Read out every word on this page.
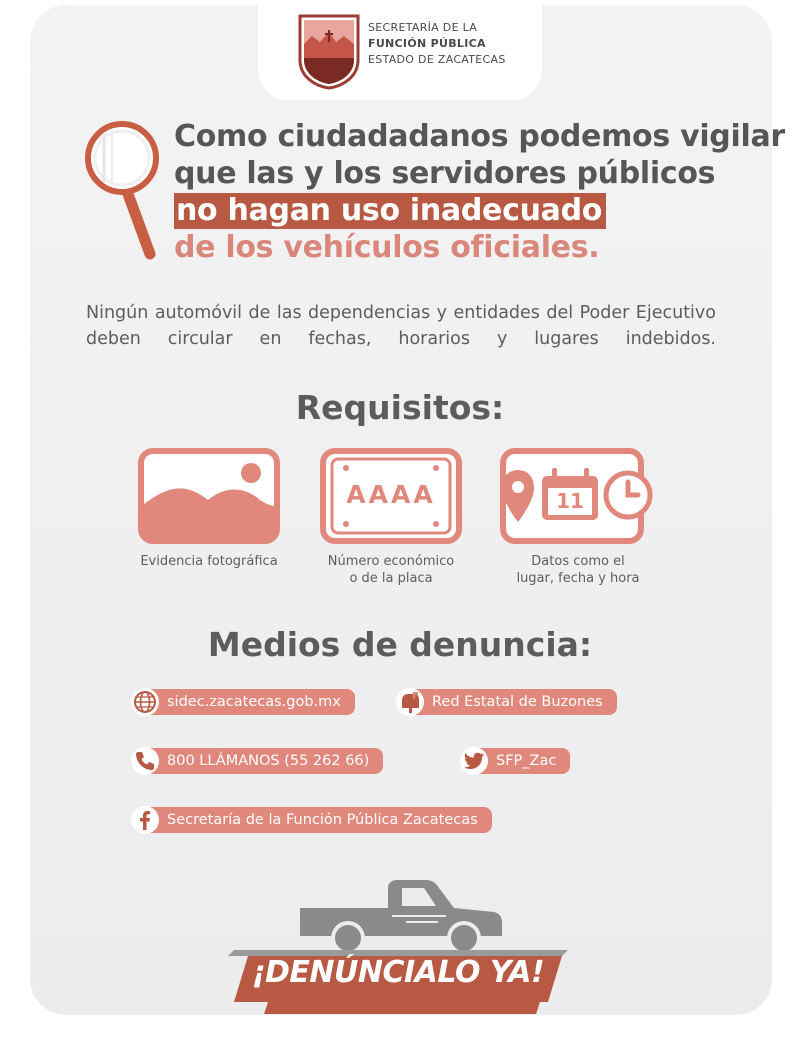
SECRETARÍA DE LA
FUNCIÓN PÚBLICA
ESTADO DE ZACATECAS
Como ciudadadanos podemos vigilar
que las y los servidores públicos
no hagan uso inadecuado
de los vehículos oficiales.
Ningún automóvil de las dependencias y entidades del Poder Ejecutivo deben circular en fechas, horarios y lugares indebidos.
Requisitos:
Evidencia fotográfica
AAAA
Número económico
o de la placa
11
Datos como el
lugar, fecha y hora
Medios de denuncia:
sidec.zacatecas.gob.mx	Red Estatal de Buzones
800 LLÁMANOS (55 262 66)	SFP_Zac
Secretaría de la Función Pública Zacatecas
¡DENÚNCIALO YA!
TODOS CONSTRUIMOS LA NUEVA GOBERNANZA
